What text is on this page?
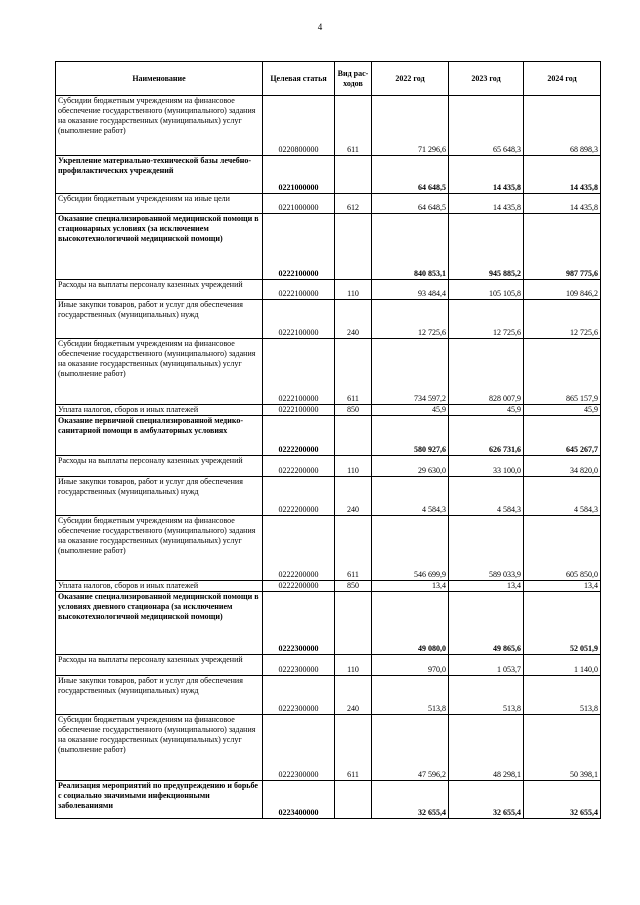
4
Наименование	Целевая статья	Вид рас-ходов	2022 год	2023 год	2024 год
Субсидии бюджетным учреждениям на финансовое обеспечение государственного (муниципального) задания на оказание государственных (муниципальных) услуг (выполнение работ)	0220800000	611	71 296,6	65 648,3	68 898,3
Укрепление материально-технической базы лечебно-профилактических учреждений	0221000000		64 648,5	14 435,8	14 435,8
Субсидии бюджетным учреждениям на иные цели	0221000000	612	64 648,5	14 435,8	14 435,8
Оказание специализированной медицинской помощи в стационарных условиях (за исключением высокотехнологичной медицинской помощи)	0222100000		840 853,1	945 885,2	987 775,6
Расходы на выплаты персоналу казенных учреждений	0222100000	110	93 484,4	105 105,8	109 846,2
Иные закупки товаров, работ и услуг для обеспечения государственных (муниципальных) нужд	0222100000	240	12 725,6	12 725,6	12 725,6
Субсидии бюджетным учреждениям на финансовое обеспечение государственного (муниципального) задания на оказание государственных (муниципальных) услуг (выполнение работ)	0222100000	611	734 597,2	828 007,9	865 157,9
Уплата налогов, сборов и иных платежей	0222100000	850	45,9	45,9	45,9
Оказание первичной специализированной медико-санитарной помощи в амбулаторных условиях	0222200000		580 927,6	626 731,6	645 267,7
Расходы на выплаты персоналу казенных учреждений	0222200000	110	29 630,0	33 100,0	34 820,0
Иные закупки товаров, работ и услуг для обеспечения государственных (муниципальных) нужд	0222200000	240	4 584,3	4 584,3	4 584,3
Субсидии бюджетным учреждениям на финансовое обеспечение государственного (муниципального) задания на оказание государственных (муниципальных) услуг (выполнение работ)	0222200000	611	546 699,9	589 033,9	605 850,0
Уплата налогов, сборов и иных платежей	0222200000	850	13,4	13,4	13,4
Оказание специализированной медицинской помощи в условиях дневного стационара (за исключением высокотехнологичной медицинской помощи)	0222300000		49 080,0	49 865,6	52 051,9
Расходы на выплаты персоналу казенных учреждений	0222300000	110	970,0	1 053,7	1 140,0
Иные закупки товаров, работ и услуг для обеспечения государственных (муниципальных) нужд	0222300000	240	513,8	513,8	513,8
Субсидии бюджетным учреждениям на финансовое обеспечение государственного (муниципального) задания на оказание государственных (муниципальных) услуг (выполнение работ)	0222300000	611	47 596,2	48 298,1	50 398,1
Реализация мероприятий по предупреждению и борьбе с социально значимыми инфекционными заболеваниями	0223400000		32 655,4	32 655,4	32 655,4
